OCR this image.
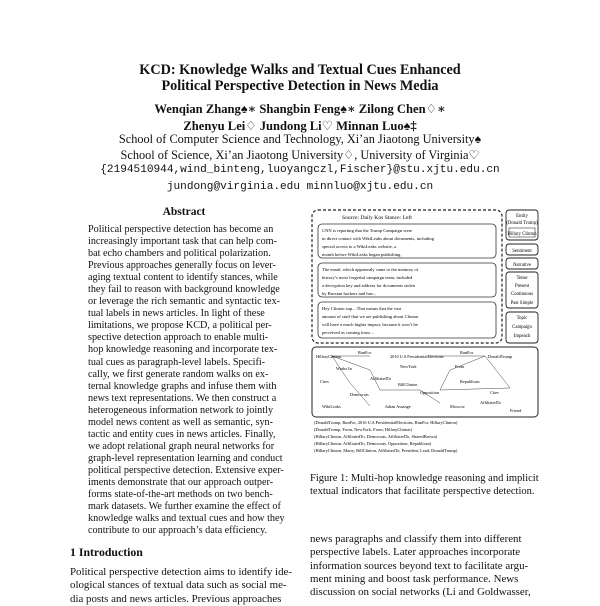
KCD: Knowledge Walks and Textual Cues Enhanced
Political Perspective Detection in News Media
Wenqian Zhang♠∗ Shangbin Feng♠∗ Zilong Chen♢∗
Zhenyu Lei♢ Jundong Li♡ Minnan Luo♠‡
School of Computer Science and Technology, Xi’an Jiaotong University♠
School of Science, Xi’an Jiaotong University♢, University of Virginia♡
{2194510944,wind_binteng,luoyangczl,Fischer}@stu.xjtu.edu.cn
jundong@virginia.edu minnluo@xjtu.edu.cn
Abstract
Political perspective detection has become an
increasingly important task that can help com-
bat echo chambers and political polarization.
Previous approaches generally focus on lever-
aging textual content to identify stances, while
they fail to reason with background knowledge
or leverage the rich semantic and syntactic tex-
tual labels in news articles. In light of these
limitations, we propose KCD, a political per-
spective detection approach to enable multi-
hop knowledge reasoning and incorporate tex-
tual cues as paragraph-level labels. Specifi-
cally, we first generate random walks on ex-
ternal knowledge graphs and infuse them with
news text representations. We then construct a
heterogeneous information network to jointly
model news content as well as semantic, syn-
tactic and entity cues in news articles. Finally,
we adopt relational graph neural networks for
graph-level representation learning and conduct
political perspective detection. Extensive exper-
iments demonstrate that our approach outper-
forms state-of-the-art methods on two bench-
mark datasets. We further examine the effect of
knowledge walks and textual cues and how they
contribute to our approach’s data efficiency.
1 Introduction
Political perspective detection aims to identify ide-
ological stances of textual data such as social me-
dia posts and news articles. Previous approaches
Source: Daily Kos Stance: Left
CNN is reporting that the Trump Campaign were
in direct contact with WikiLeaks about documents, including
special access to a WikiLeaks website, a
month before WikiLeaks began publishing.
The email, which apparently came to the memory of
history’s most forgetful campaign team, included
a decryption key and address for documents stolen
by Russian hackers and hav...
Hey Clinton sup... That means that the vast
amount of stuff that we are publishing about Clinton
will have a much higher impact, because it won’t be
perceived as coming from ...
Entity
(Donald Trump)
Hillary Clinton
Sentiment
Narrative
Tense
Present
Continuous
Past Simple
Topic
Campaign
Impeach
HillaryClinton
RunFor
2016 U.S.PresidentialElections
RunFor
DonaldTrump
Works In	NewYork	From
Cites
AffiliatedTo
BillClinton
Republican
Democrats	Opposition
WikiLeaks
Cites
Julian Assange	Moscow
AffiliatedTo
Friend
(DonaldTrump, RunFor, 2016 U.S.PresidentialElections, RunFor, HillaryClinton)
(DonaldTrump, From, NewYork, From, HillaryClinton)
(HillaryClinton, AffiliatedTo, Democrats, AffiliatedTo, SharedBrown)
(HillaryClinton, AffiliatedTo, Democrats, Opposition, Republican)
(HillaryClinton, Marry, BillClinton, AffiliatedTo, President, Lead, DonaldTrump)
Figure 1: Multi-hop knowledge reasoning and implicit
textual indicators that facilitate perspective detection.
news paragraphs and classify them into different
perspective labels. Later approaches incorporate
information sources beyond text to facilitate argu-
ment mining and boost task performance. News
discussion on social networks (Li and Goldwasser,
